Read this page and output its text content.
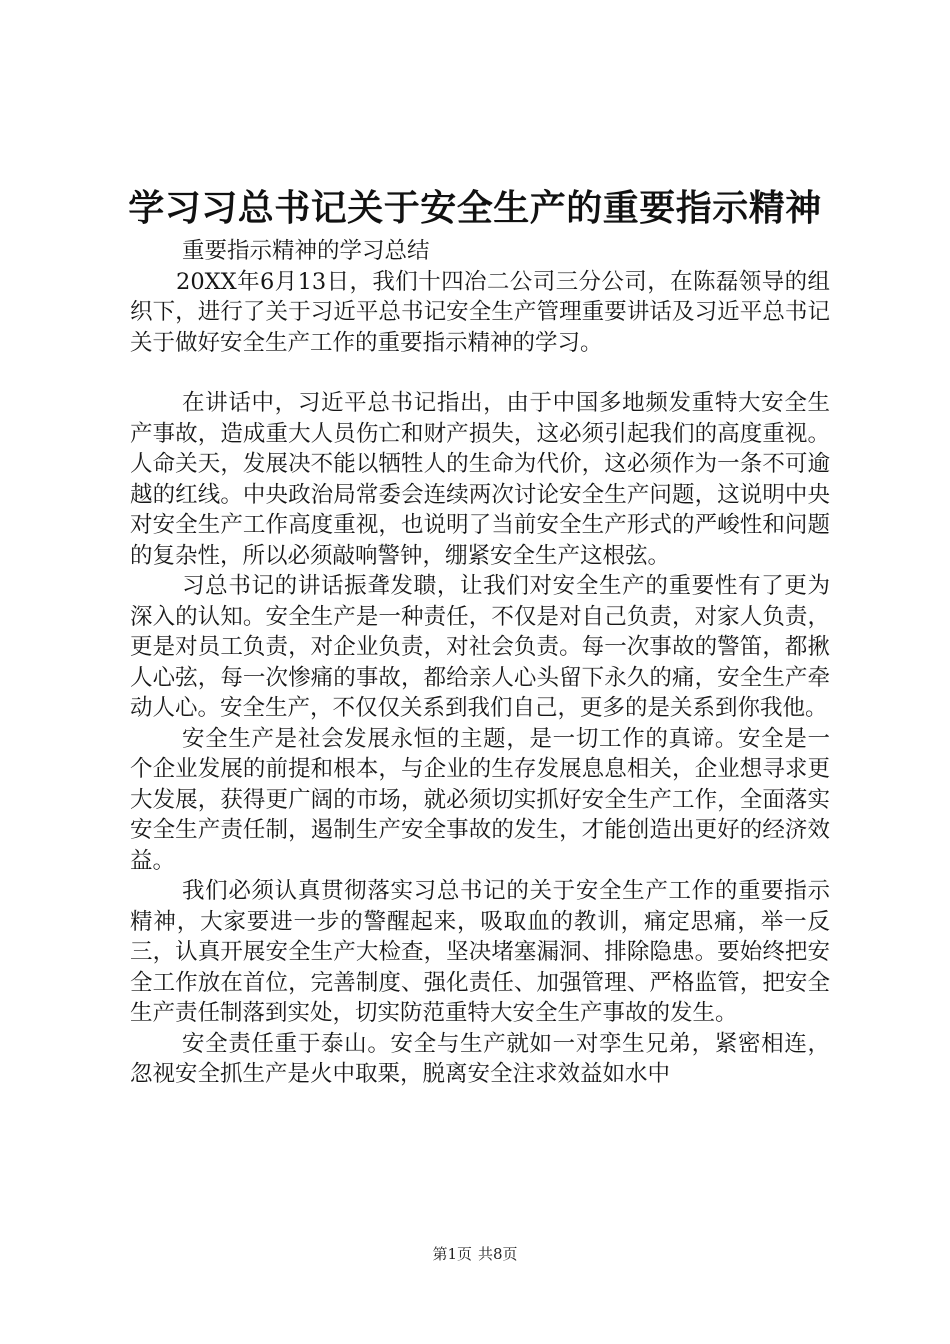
学习习总书记关于安全生产的重要指示精神

重要指示精神的学习总结

20XX年6月13日，我们十四冶二公司三分公司，在陈磊领导的组织下，进行了关于习近平总书记安全生产管理重要讲话及习近平总书记关于做好安全生产工作的重要指示精神的学习。

在讲话中，习近平总书记指出，由于中国多地频发重特大安全生产事故，造成重大人员伤亡和财产损失，这必须引起我们的高度重视。人命关天，发展决不能以牺牲人的生命为代价，这必须作为一条不可逾越的红线。中央政治局常委会连续两次讨论安全生产问题，这说明中央对安全生产工作高度重视，也说明了当前安全生产形式的严峻性和问题的复杂性，所以必须敲响警钟，绷紧安全生产这根弦。

习总书记的讲话振聋发聩，让我们对安全生产的重要性有了更为深入的认知。安全生产是一种责任，不仅是对自己负责，对家人负责，更是对员工负责，对企业负责，对社会负责。每一次事故的警笛，都揪人心弦，每一次惨痛的事故，都给亲人心头留下永久的痛，安全生产牵动人心。安全生产，不仅仅关系到我们自己，更多的是关系到你我他。

安全生产是社会发展永恒的主题，是一切工作的真谛。安全是一个企业发展的前提和根本，与企业的生存发展息息相关，企业想寻求更大发展，获得更广阔的市场，就必须切实抓好安全生产工作，全面落实安全生产责任制，遏制生产安全事故的发生，才能创造出更好的经济效益。

我们必须认真贯彻落实习总书记的关于安全生产工作的重要指示精神，大家要进一步的警醒起来，吸取血的教训，痛定思痛，举一反三，认真开展安全生产大检查，坚决堵塞漏洞、排除隐患。要始终把安全工作放在首位，完善制度、强化责任、加强管理、严格监管，把安全生产责任制落到实处，切实防范重特大安全生产事故的发生。

安全责任重于泰山。安全与生产就如一对孪生兄弟，紧密相连，忽视安全抓生产是火中取栗，脱离安全注求效益如水中

第1页 共8页
